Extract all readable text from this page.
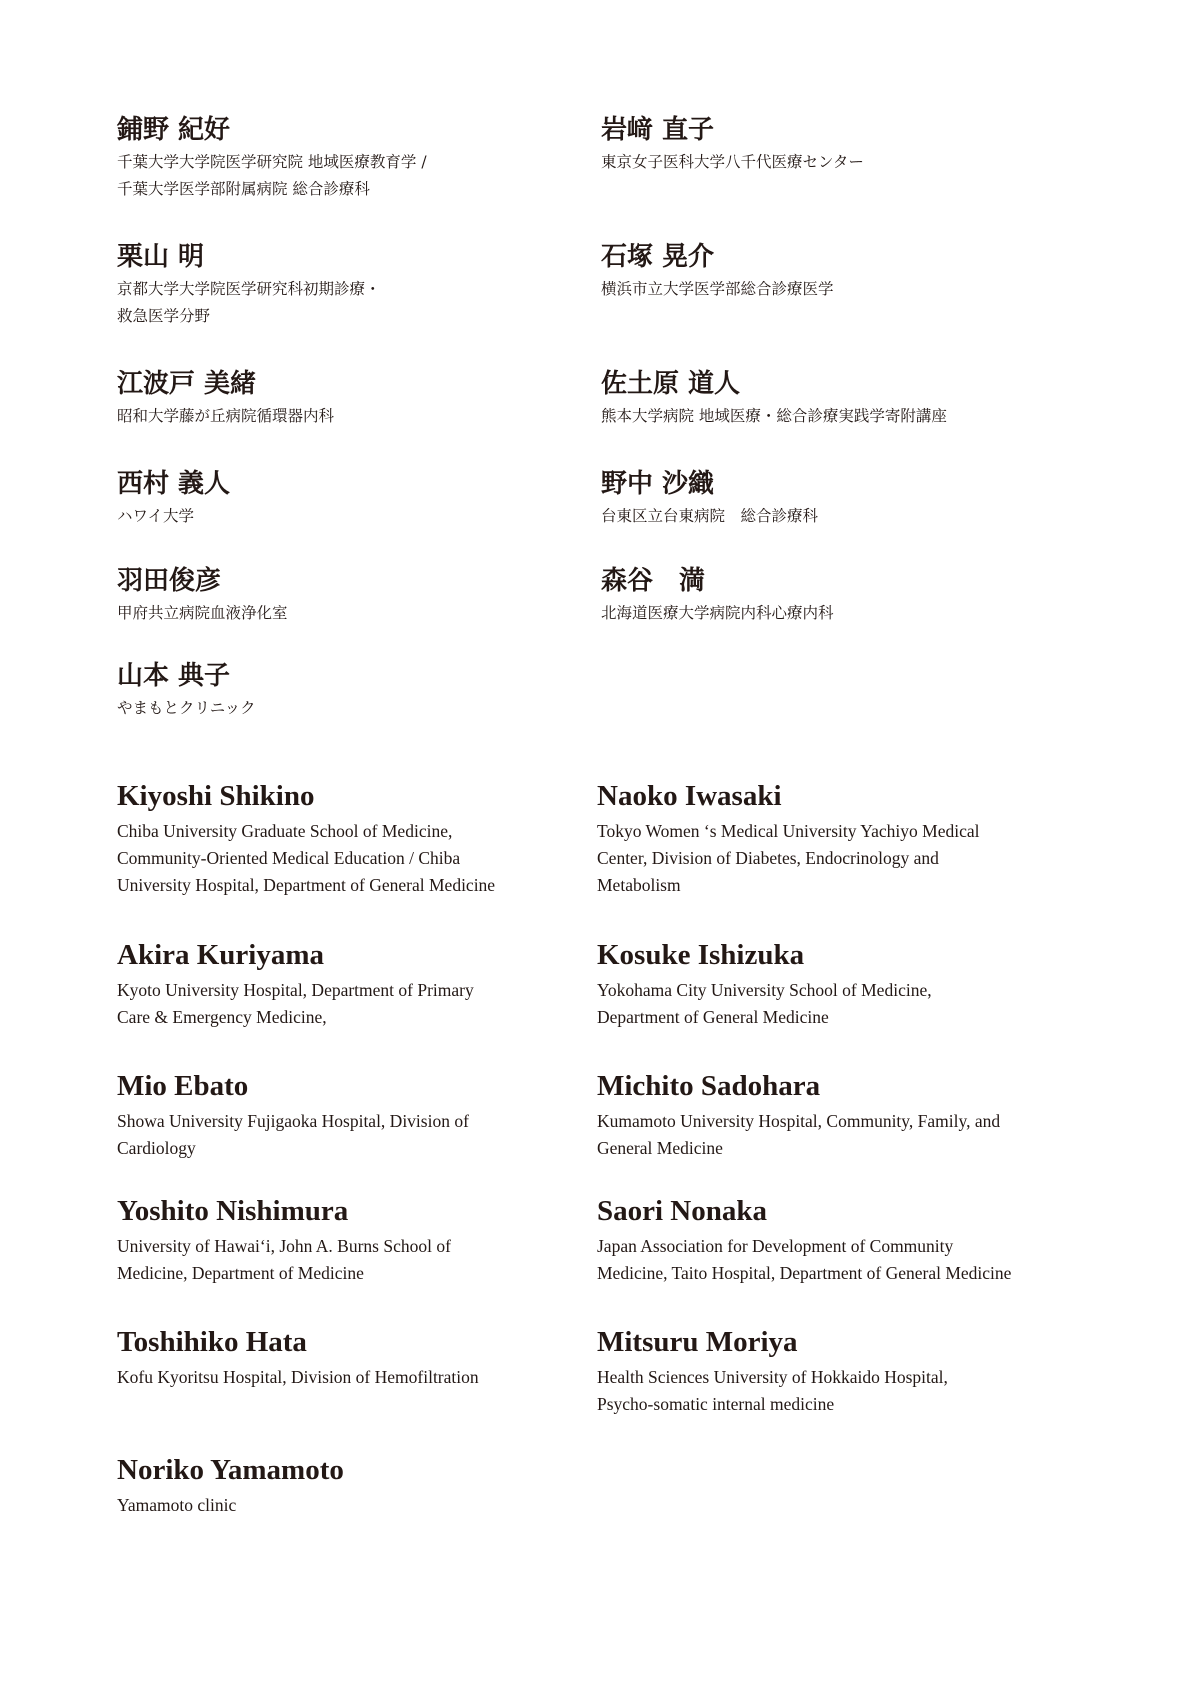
鋪野 紀好
千葉大学大学院医学研究院 地域医療教育学 /
千葉大学医学部附属病院 総合診療科
岩﨑 直子
東京女子医科大学八千代医療センター
栗山 明
京都大学大学院医学研究科初期診療・
救急医学分野
石塚 晃介
横浜市立大学医学部総合診療医学
江波戸 美緒
昭和大学藤が丘病院循環器内科
佐土原 道人
熊本大学病院 地域医療・総合診療実践学寄附講座
西村 義人
ハワイ大学
野中 沙織
台東区立台東病院　総合診療科
羽田俊彦
甲府共立病院血液浄化室
森谷　満
北海道医療大学病院内科心療内科
山本 典子
やまもとクリニック
Kiyoshi Shikino
Chiba University Graduate School of Medicine,
Community-Oriented Medical Education / Chiba
University Hospital, Department of General Medicine
Naoko Iwasaki
Tokyo Women ‘s Medical University Yachiyo Medical
Center, Division of Diabetes, Endocrinology and
Metabolism
Akira Kuriyama
Kyoto University Hospital, Department of Primary
Care & Emergency Medicine,
Kosuke Ishizuka
Yokohama City University School of Medicine,
Department of General Medicine
Mio Ebato
Showa University Fujigaoka Hospital, Division of
Cardiology
Michito Sadohara
Kumamoto University Hospital, Community, Family, and
General Medicine
Yoshito Nishimura
University of Hawaiʻi, John A. Burns School of
Medicine, Department of Medicine
Saori Nonaka
Japan Association for Development of Community
Medicine, Taito Hospital, Department of General Medicine
Toshihiko Hata
Kofu Kyoritsu Hospital, Division of Hemofiltration
Mitsuru Moriya
Health Sciences University of Hokkaido Hospital,
Psycho-somatic internal medicine
Noriko Yamamoto
Yamamoto clinic
